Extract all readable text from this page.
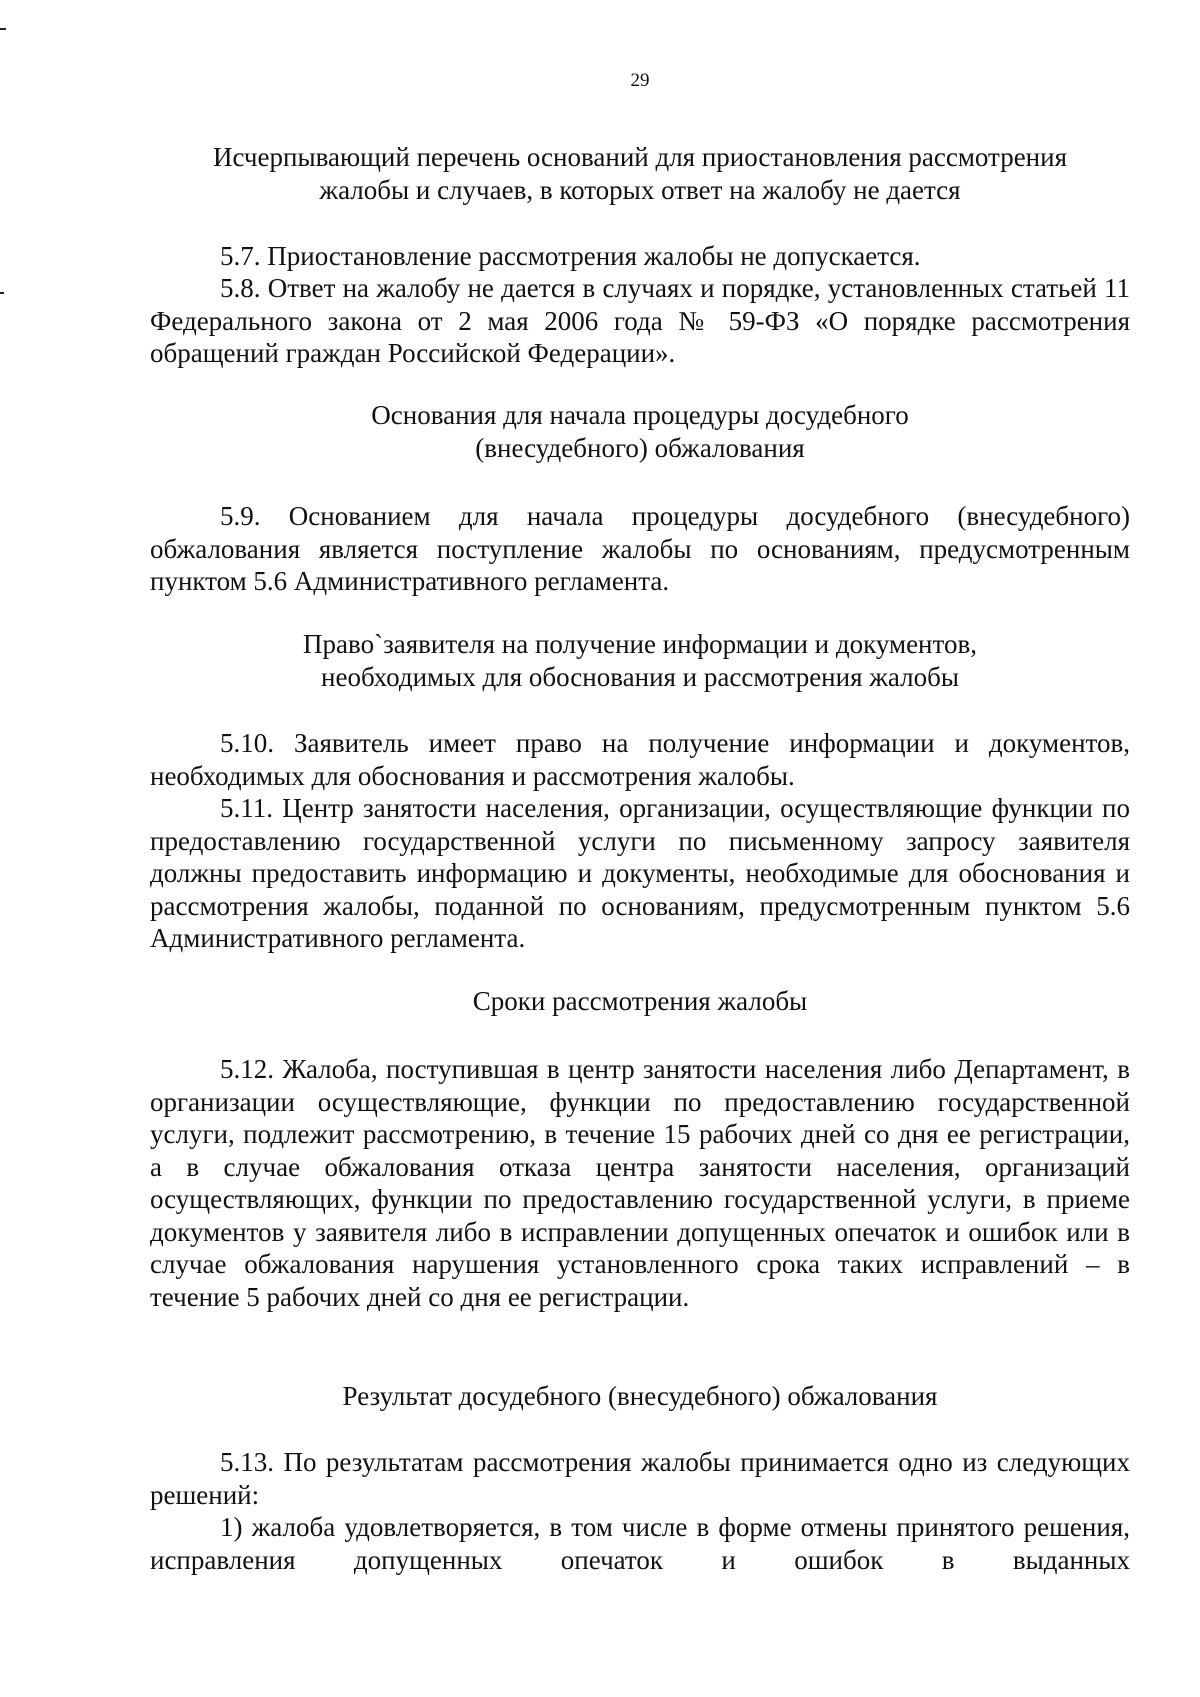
29
Исчерпывающий перечень оснований для приостановления рассмотрения
жалобы и случаев, в которых ответ на жалобу не дается
5.7. Приостановление рассмотрения жалобы не допускается.
5.8. Ответ на жалобу не дается в случаях и порядке, установленных статьей 11 Федерального закона от 2 мая 2006 года № 59-ФЗ «О порядке рассмотрения обращений граждан Российской Федерации».
Основания для начала процедуры досудебного
(внесудебного) обжалования
5.9. Основанием для начала процедуры досудебного (внесудебного) обжалования является поступление жалобы по основаниям, предусмотренным пунктом 5.6 Административного регламента.
Право`заявителя на получение информации и документов,
необходимых для обоснования и рассмотрения жалобы
5.10. Заявитель имеет право на получение информации и документов, необходимых для обоснования и рассмотрения жалобы.
5.11. Центр занятости населения, организации, осуществляющие функции по предоставлению государственной услуги по письменному запросу заявителя должны предоставить информацию и документы, необходимые для обоснования и рассмотрения жалобы, поданной по основаниям, предусмотренным пунктом 5.6 Административного регламента.
Сроки рассмотрения жалобы
5.12. Жалоба, поступившая в центр занятости населения либо Департамент, в организации осуществляющие, функции по предоставлению государственной услуги, подлежит рассмотрению, в течение 15 рабочих дней со дня ее регистрации, а в случае обжалования отказа центра занятости населения, организаций осуществляющих, функции по предоставлению государственной услуги, в приеме документов у заявителя либо в исправлении допущенных опечаток и ошибок или в случае обжалования нарушения установленного срока таких исправлений – в течение 5 рабочих дней со дня ее регистрации.
Результат досудебного (внесудебного) обжалования
5.13. По результатам рассмотрения жалобы принимается одно из следующих решений:
1) жалоба удовлетворяется, в том числе в форме отмены принятого решения, исправления допущенных опечаток и ошибок в выданных
